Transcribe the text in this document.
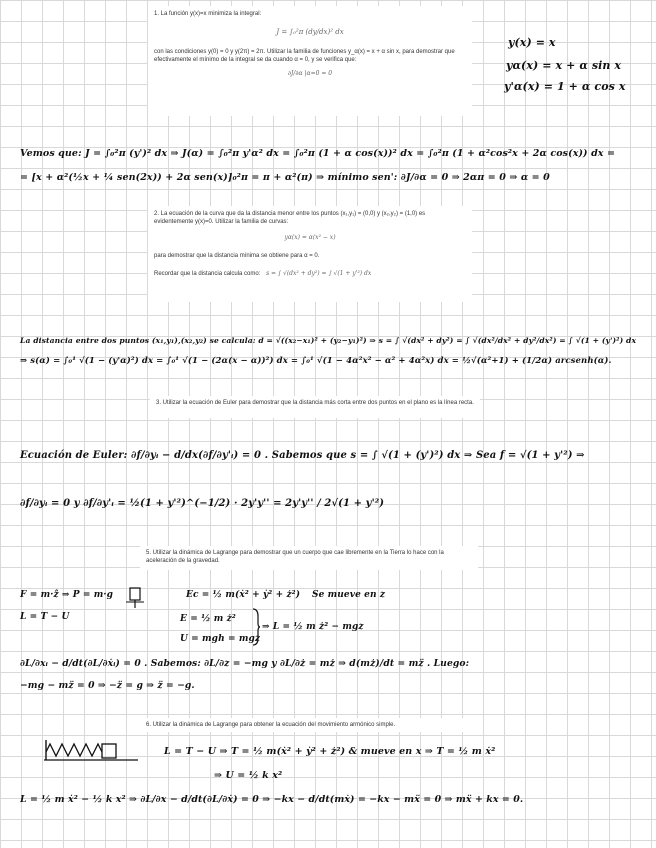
1. La función y(x)=x minimiza la integral:

J = ∫₀²π (dy/dx)² dx

con las condiciones y(0) = 0 y y(2π) = 2π. Utilizar la familia de funciones y_α(x) = x + α sin x, para demostrar que efectivamente el mínimo de la integral se da cuando α = 0, y se verifica que:

∂J/∂α |α=0 = 0
y(x) = x
yα(x) = x + α sin x
y'α(x) = 1 + α cos x
Vemos que: J = ∫₀²π (y')² dx ⇒ J(α) = ∫₀²π y'α² dx = ∫₀²π (1 + α cos(x))² dx = ∫₀²π (1 + α²cos²x + 2α cos(x)) dx =
= [x + α²(½x + ¼ sen(2x)) + 2α sen(x)]₀²π = π + α²(π) ⇒ mínimo sen': ∂J/∂α = 0 ⇒ 2απ = 0 ⇒ α = 0

2. La ecuación de la curva que da la distancia menor entre los puntos (x₁,y₁) = (0,0) y (x₂,y₂) = (1,0) es evidentemente y(x)=0. Utilizar la familia de curvas:

yα(x) = α(x² − x)

para demostrar que la distancia mínima se obtiene para α = 0.

Recordar que la distancia calcula como: s = ∫ √(dx² + dy²) = ∫ √(1 + y'²) dx

La distancia entre dos puntos (x₁,y₁),(x₂,y₂) se calcula: d = √((x₂−x₁)² + (y₂−y₁)²) ⇒ s = ∫ √(dx² + dy²) = ∫ √(dx²/dx² + dy²/dx²) = ∫ √(1 + (y')²) dx
⇒ s(α) = ∫₀¹ √(1 − (y'α)²) dx = ∫₀¹ √(1 − (2α(x − α))²) dx = ∫₀¹ √(1 − 4α²x² − α² + 4α²x) dx = ½√(α²+1) + (1/2α) arcsenh(α).

3. Utilizar la ecuación de Euler para demostrar que la distancia más corta entre dos puntos en el plano es la línea recta.

Ecuación de Euler: ∂f/∂yᵢ − d/dx(∂f/∂y'ᵢ) = 0 . Sabemos que s = ∫ √(1 + (y')²) dx ⇒ Sea f = √(1 + y'²) ⇒
∂f/∂yᵢ = 0 y ∂f/∂y'ᵢ = ½(1 + y'²)^(−1/2) · 2y'y'' = 2y'y'' / 2√(1 + y'²)

5. Utilizar la dinámica de Lagrange para demostrar que un cuerpo que cae libremente en la Tierra lo hace con la aceleración de la gravedad.

F = m·ẑ ⇒ P = m·g
L = T − U
Ec = ½ m(ẋ² + ẏ² + ż²) Se mueve en z
E = ½ m ż²
U = mgh = mgz
⇒ L = ½ m ż² − mgz
∂L/∂xᵢ − d/dt(∂L/∂ẋᵢ) = 0 . Sabemos: ∂L/∂z = −mg y ∂L/∂ż = mż ⇒ d(mż)/dt = mz̈ . Luego:
−mg − mz̈ = 0 ⇒ −z̈ = g ⇒ z̈ = −g.

6. Utilizar la dinámica de Lagrange para obtener la ecuación del movimiento armónico simple.

L = T − U ⇒ T = ½ m(ẋ² + ẏ² + ż²) & mueve en x ⇒ T = ½ m ẋ²
⇒ U = ½ k x²
L = ½ m ẋ² − ½ k x² ⇒ ∂L/∂x − d/dt(∂L/∂ẋ) = 0 ⇒ −kx − d/dt(mẋ) = −kx − mẍ = 0 ⇒ mẍ + kx = 0.
